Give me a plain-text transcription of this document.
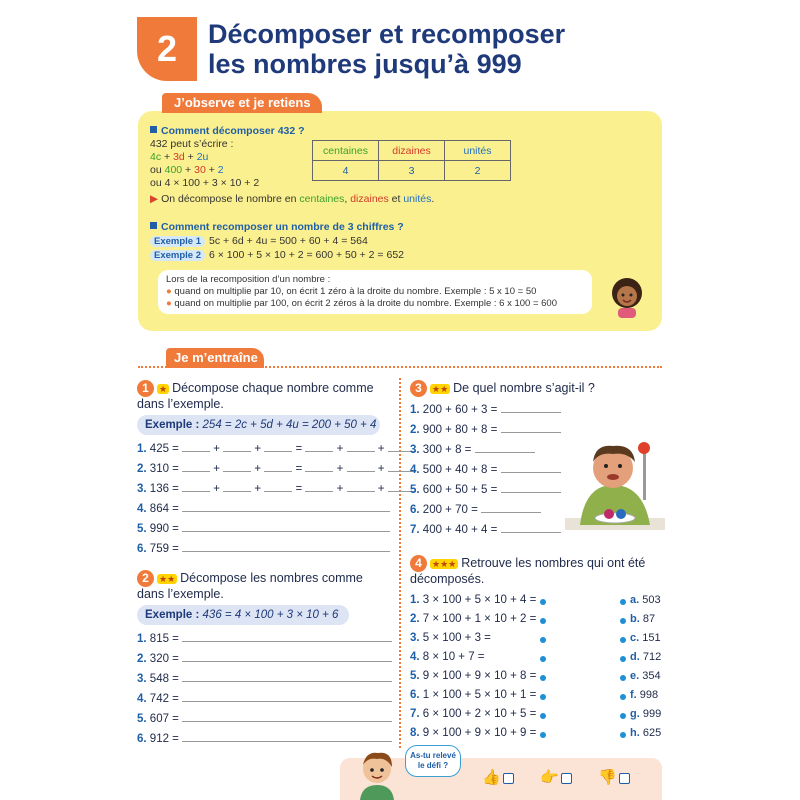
2	Décomposer et recomposer
les nombres jusqu’à 999
J’observe et je retiens
Comment décomposer 432 ?
432 peut s’écrire :
4c + 3d + 2u
ou 400 + 30 + 2
ou 4 × 100 + 3 × 10 + 2
▶ On décompose le nombre en centaines, dizaines et unités.
centaines	dizaines	unités
4	3	2
Comment recomposer un nombre de 3 chiffres ?
Exemple 1 5c + 6d + 4u = 500 + 60 + 4 = 564
Exemple 2 6 × 100 + 5 × 10 + 2 = 600 + 50 + 2 = 652
Lors de la recomposition d’un nombre :
● quand on multiplie par 10, on écrit 1 zéro à la droite du nombre. Exemple : 5 x 10 = 50
● quand on multiplie par 100, on écrit 2 zéros à la droite du nombre. Exemple : 6 x 100 = 600
Je m’entraîne
1 ★ Décompose chaque nombre comme dans l’exemple.
Exemple : 254 = 2c + 5d + 4u = 200 + 50 + 4
1. 425 =	+	+	=	+	+
2. 310 =	+	+	=	+	+
3. 136 =	+	+	=	+	+
4. 864 =
5. 990 =
6. 759 =
2 ★★ Décompose les nombres comme dans l’exemple.
Exemple : 436 = 4 × 100 + 3 × 10 + 6
1. 815 =
2. 320 =
3. 548 =
4. 742 =
5. 607 =
6. 912 =
3 ★★ De quel nombre s’agit-il ?
1. 200 + 60 + 3 =
2. 900 + 80 + 8 =
3. 300 + 8 =
4. 500 + 40 + 8 =
5. 600 + 50 + 5 =
6. 200 + 70 =
7. 400 + 40 + 4 =
4 ★★★ Retrouve les nombres qui ont été décomposés.
1. 3 × 100 + 5 × 10 + 4 =	a. 503
2. 7 × 100 + 1 × 10 + 2 =	b. 87
3. 5 × 100 + 3 =	c. 151
4. 8 × 10 + 7 =	d. 712
5. 9 × 100 + 9 × 10 + 8 =	e. 354
6. 1 × 100 + 5 × 10 + 1 =	f. 998
7. 6 × 100 + 2 × 10 + 5 =	g. 999
8. 9 × 100 + 9 × 10 + 9 =	h. 625
As-tu relevé le défi ?
👍	👉	👎
